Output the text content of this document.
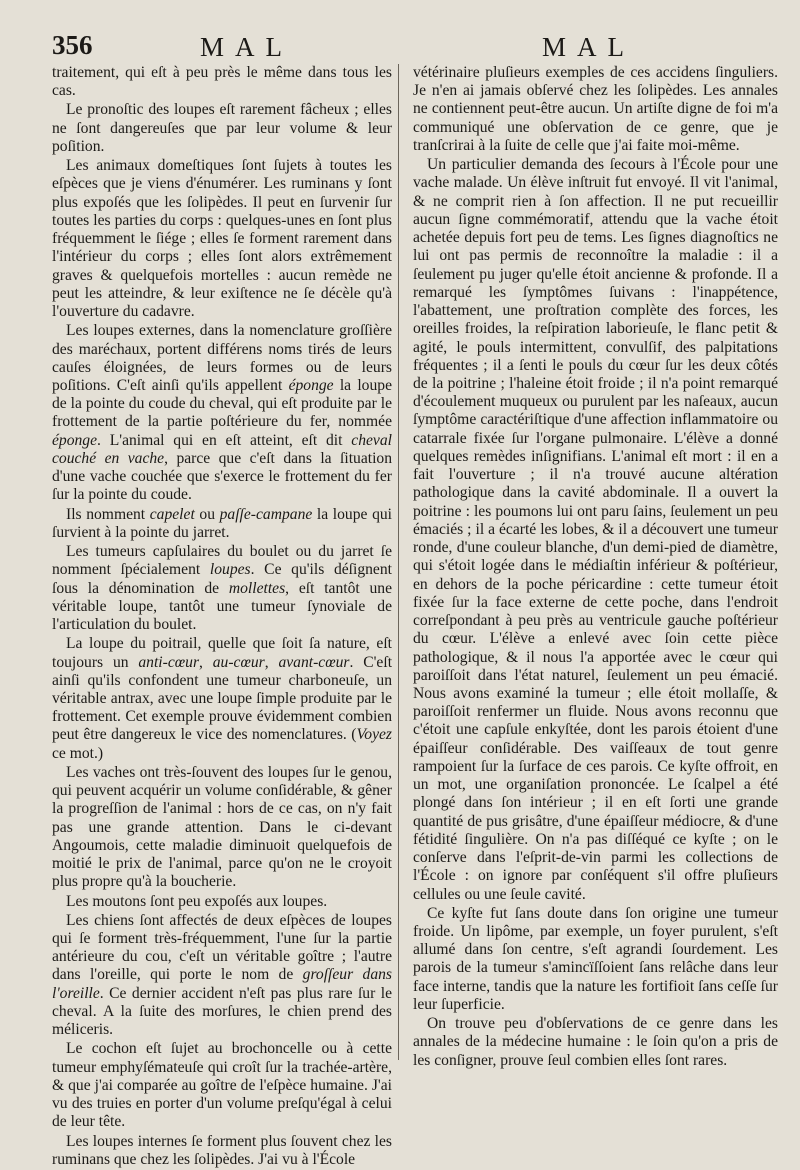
356	MAL	MAL

traitement, qui eſt à peu près le même dans tous les cas.

Le pronoſtic des loupes eſt rarement fâcheux ; elles ne ſont dangereuſes que par leur volume & leur poſition.

Les animaux domeſtiques ſont ſujets à toutes les eſpèces que je viens d'énumérer. Les ruminans y ſont plus expoſés que les ſolipèdes. Il peut en ſurvenir ſur toutes les parties du corps : quelques-unes en ſont plus fréquemment le ſiége ; elles ſe forment rarement dans l'intérieur du corps ; elles ſont alors extrêmement graves & quelquefois mortelles : aucun remède ne peut les atteindre, & leur exiſtence ne ſe décèle qu'à l'ouverture du cadavre.

Les loupes externes, dans la nomenclature groſſière des maréchaux, portent différens noms tirés de leurs cauſes éloignées, de leurs formes ou de leurs poſitions. C'eſt ainſi qu'ils appellent éponge la loupe de la pointe du coude du cheval, qui eſt produite par le frottement de la partie poſtérieure du fer, nommée éponge. L'animal qui en eſt atteint, eſt dit cheval couché en vache, parce que c'eſt dans la ſituation d'une vache couchée que s'exerce le frottement du fer ſur la pointe du coude.

Ils nomment capelet ou paſſe-campane la loupe qui ſurvient à la pointe du jarret.

Les tumeurs capſulaires du boulet ou du jarret ſe nomment ſpécialement loupes. Ce qu'ils déſignent ſous la dénomination de mollettes, eſt tantôt une véritable loupe, tantôt une tumeur ſynoviale de l'articulation du boulet.

La loupe du poitrail, quelle que ſoit ſa nature, eſt toujours un anti-cœur, au-cœur, avant-cœur. C'eſt ainſi qu'ils confondent une tumeur charboneuſe, un véritable antrax, avec une loupe ſimple produite par le frottement. Cet exemple prouve évidemment combien peut être dangereux le vice des nomenclatures. (Voyez ce mot.)

Les vaches ont très-ſouvent des loupes ſur le genou, qui peuvent acquérir un volume conſidérable, & gêner la progreſſion de l'animal : hors de ce cas, on n'y fait pas une grande attention. Dans le ci-devant Angoumois, cette maladie diminuoit quelquefois de moitié le prix de l'animal, parce qu'on ne le croyoit plus propre qu'à la boucherie.

Les moutons ſont peu expoſés aux loupes.

Les chiens ſont affectés de deux eſpèces de loupes qui ſe forment très-fréquemment, l'une ſur la partie antérieure du cou, c'eſt un véritable goître ; l'autre dans l'oreille, qui porte le nom de groſſeur dans l'oreille. Ce dernier accident n'eſt pas plus rare ſur le cheval. A la ſuite des morſures, le chien prend des méliceris.

Le cochon eſt ſujet au brochoncelle ou à cette tumeur emphyſémateuſe qui croît ſur la trachée-artère, & que j'ai comparée au goître de l'eſpèce humaine. J'ai vu des truies en porter d'un volume preſqu'égal à celui de leur tête.

Les loupes internes ſe forment plus ſouvent chez les ruminans que chez les ſolipèdes. J'ai vu à l'École

vétérinaire pluſieurs exemples de ces accidens ſinguliers. Je n'en ai jamais obſervé chez les ſolipèdes. Les annales ne contiennent peut-être aucun. Un artiſte digne de foi m'a communiqué une obſervation de ce genre, que je tranſcrirai à la ſuite de celle que j'ai faite moi-même.

Un particulier demanda des ſecours à l'École pour une vache malade. Un élève inſtruit fut envoyé. Il vit l'animal, & ne comprit rien à ſon affection. Il ne put recueillir aucun ſigne commémoratif, attendu que la vache étoit achetée depuis fort peu de tems. Les ſignes diagnoſtics ne lui ont pas permis de reconnoître la maladie : il a ſeulement pu juger qu'elle étoit ancienne & profonde. Il a remarqué les ſymptômes ſuivans : l'inappétence, l'abattement, une proſtration complète des forces, les oreilles froides, la reſpiration laborieuſe, le flanc petit & agité, le pouls intermittent, convulſif, des palpitations fréquentes ; il a ſenti le pouls du cœur ſur les deux côtés de la poitrine ; l'haleine étoit froide ; il n'a point remarqué d'écoulement muqueux ou purulent par les naſeaux, aucun ſymptôme caractériſtique d'une affection inflammatoire ou catarrale fixée ſur l'organe pulmonaire. L'élève a donné quelques remèdes inſignifians. L'animal eſt mort : il en a fait l'ouverture ; il n'a trouvé aucune altération pathologique dans la cavité abdominale. Il a ouvert la poitrine : les poumons lui ont paru ſains, ſeulement un peu émaciés ; il a écarté les lobes, & il a découvert une tumeur ronde, d'une couleur blanche, d'un demi-pied de diamètre, qui s'étoit logée dans le médiaſtin inférieur & poſtérieur, en dehors de la poche péricardine : cette tumeur étoit fixée ſur la face externe de cette poche, dans l'endroit correſpondant à peu près au ventricule gauche poſtérieur du cœur. L'élève a enlevé avec ſoin cette pièce pathologique, & il nous l'a apportée avec le cœur qui paroiſſoit dans l'état naturel, ſeulement un peu émacié. Nous avons examiné la tumeur ; elle étoit mollaſſe, & paroiſſoit renfermer un fluide. Nous avons reconnu que c'étoit une capſule enkyſtée, dont les parois étoient d'une épaiſſeur conſidérable. Des vaiſſeaux de tout genre rampoient ſur la ſurface de ces parois. Ce kyſte offroit, en un mot, une organiſation prononcée. Le ſcalpel a été plongé dans ſon intérieur ; il en eſt ſorti une grande quantité de pus grisâtre, d'une épaiſſeur médiocre, & d'une fétidité ſingulière. On n'a pas diſſéqué ce kyſte ; on le conſerve dans l'eſprit-de-vin parmi les collections de l'École : on ignore par conſéquent s'il offre pluſieurs cellules ou une ſeule cavité.

Ce kyſte fut ſans doute dans ſon origine une tumeur froide. Un lipôme, par exemple, un foyer purulent, s'eſt allumé dans ſon centre, s'eſt agrandi ſourdement. Les parois de la tumeur s'amincïſſoient ſans relâche dans leur face interne, tandis que la nature les fortifioit ſans ceſſe ſur leur ſuperficie.

On trouve peu d'obſervations de ce genre dans les annales de la médecine humaine : le ſoin qu'on a pris de les conſigner, prouve ſeul combien elles ſont rares.
